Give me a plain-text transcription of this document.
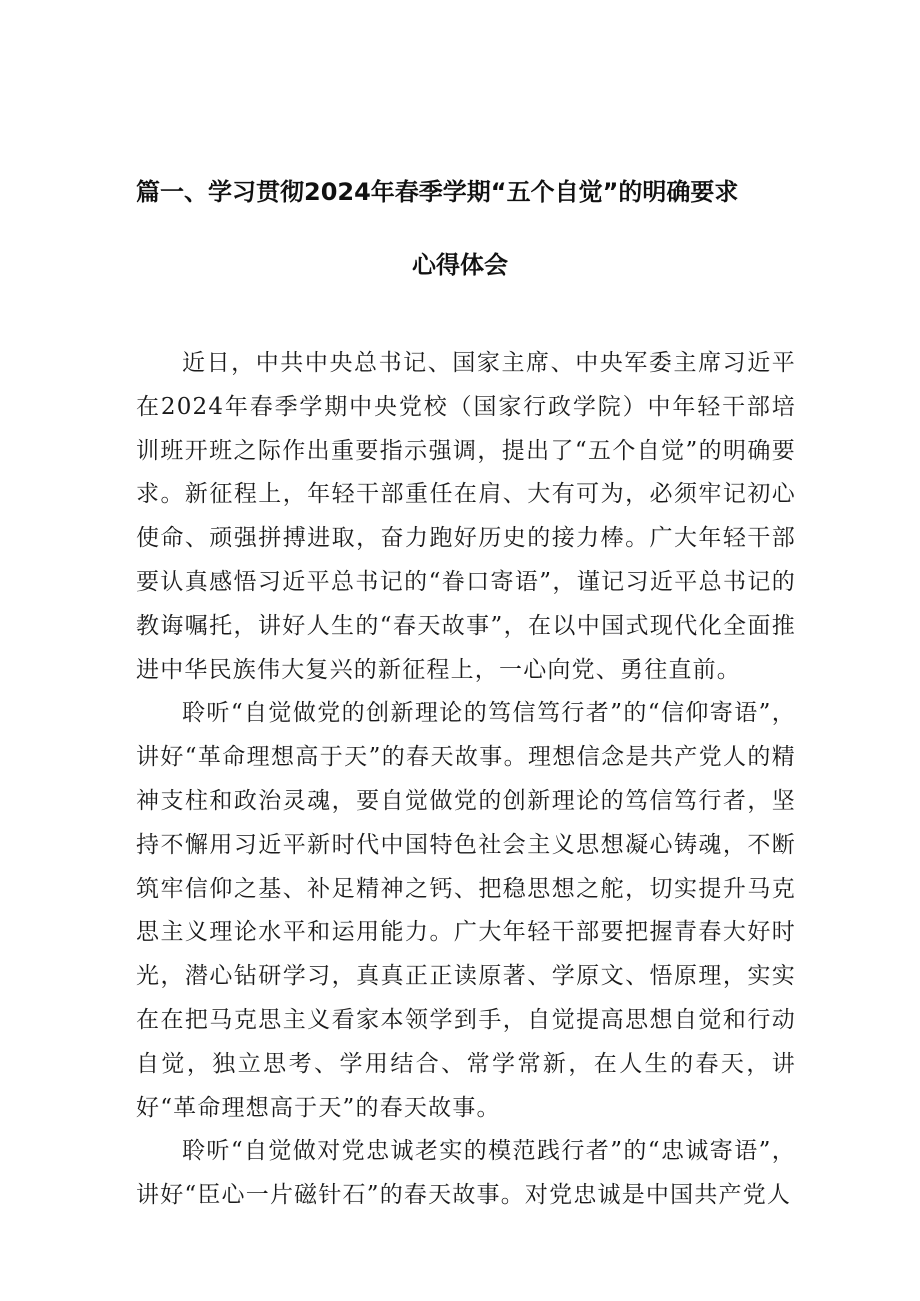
篇一、学习贯彻2024年春季学期“五个自觉”的明确要求
心得体会

近日，中共中央总书记、国家主席、中央军委主席习近平在2024年春季学期中央党校（国家行政学院）中年轻干部培训班开班之际作出重要指示强调，提出了“五个自觉”的明确要求。新征程上，年轻干部重任在肩、大有可为，必须牢记初心使命、顽强拼搏进取，奋力跑好历史的接力棒。广大年轻干部要认真感悟习近平总书记的“眷口寄语”，谨记习近平总书记的教诲嘱托，讲好人生的“春天故事”，在以中国式现代化全面推进中华民族伟大复兴的新征程上，一心向党、勇往直前。

聆听“自觉做党的创新理论的笃信笃行者”的“信仰寄语”，讲好“革命理想高于天”的春天故事。理想信念是共产党人的精神支柱和政治灵魂，要自觉做党的创新理论的笃信笃行者，坚持不懈用习近平新时代中国特色社会主义思想凝心铸魂，不断筑牢信仰之基、补足精神之钙、把稳思想之舵，切实提升马克思主义理论水平和运用能力。广大年轻干部要把握青春大好时光，潜心钻研学习，真真正正读原著、学原文、悟原理，实实在在把马克思主义看家本领学到手，自觉提高思想自觉和行动自觉，独立思考、学用结合、常学常新，在人生的春天，讲好“革命理想高于天”的春天故事。

聆听“自觉做对党忠诚老实的模范践行者”的“忠诚寄语”，讲好“臣心一片磁针石”的春天故事。对党忠诚是中国共产党人
